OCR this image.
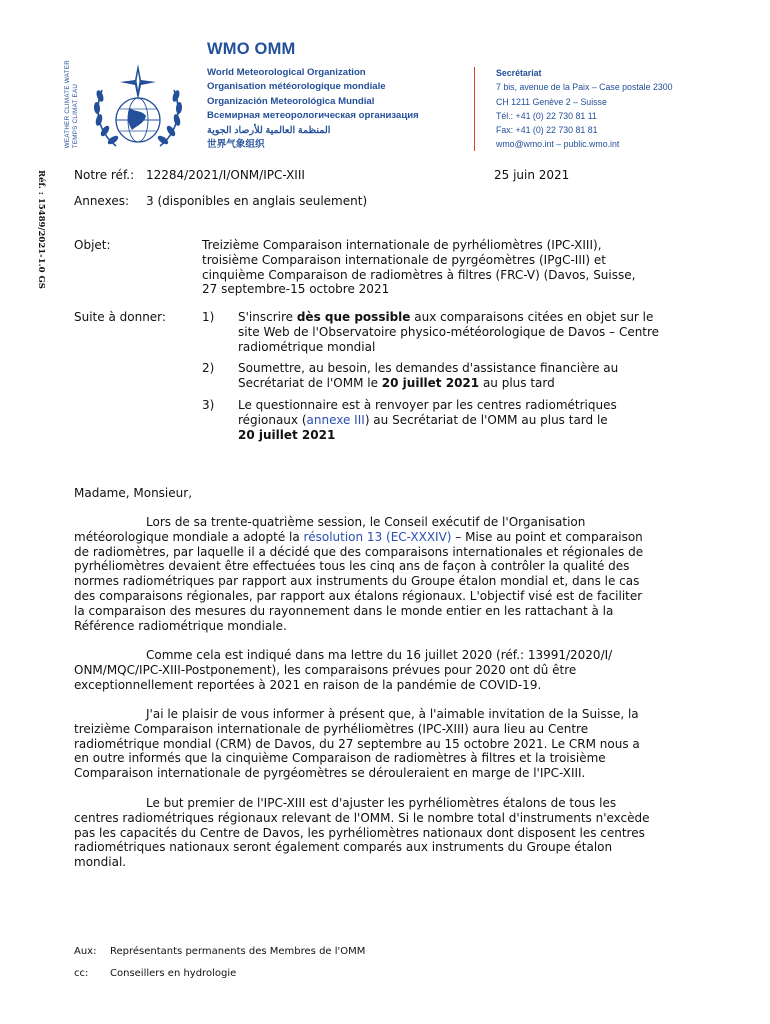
WEATHER CLIMATE WATER TEMPS CLIMAT EAU
WMO OMM
World Meteorological Organization
Organisation météorologique mondiale
Organización Meteorológica Mundial
Всемирная метеорологическая организация
المنظمة العالمية للأرصاد الجوية
世界气象组织
Secrétariat
7 bis, avenue de la Paix – Case postale 2300
CH 1211 Genève 2 – Suisse
Tél.: +41 (0) 22 730 81 11
Fax: +41 (0) 22 730 81 81
wmo@wmo.int – public.wmo.int
Réf. : 15489/2021-1.0 GS Notre réf.: 12284/2021/I/ONM/IPC-XIII	25 juin 2021
Annexes: 3 (disponibles en anglais seulement)
Objet:	Treizième Comparaison internationale de pyrhéliomètres (IPC-XIII),
troisième Comparaison internationale de pyrgéomètres (IPgC-III) et
cinquième Comparaison de radiomètres à filtres (FRC-V) (Davos, Suisse,
27 septembre-15 octobre 2021
Suite à donner:	1) S'inscrire dès que possible aux comparaisons citées en objet sur le
site Web de l'Observatoire physico-météorologique de Davos – Centre
radiométrique mondial
2) Soumettre, au besoin, les demandes d'assistance financière au
Secrétariat de l'OMM le 20 juillet 2021 au plus tard
3) Le questionnaire est à renvoyer par les centres radiométriques
régionaux (annexe III) au Secrétariat de l'OMM au plus tard le
20 juillet 2021
Madame, Monsieur,
Lors de sa trente-quatrième session, le Conseil exécutif de l'Organisation
météorologique mondiale a adopté la résolution 13 (EC-XXXIV) – Mise au point et comparaison
de radiomètres, par laquelle il a décidé que des comparaisons internationales et régionales de
pyrhéliomètres devaient être effectuées tous les cinq ans de façon à contrôler la qualité des
normes radiométriques par rapport aux instruments du Groupe étalon mondial et, dans le cas
des comparaisons régionales, par rapport aux étalons régionaux. L'objectif visé est de faciliter
la comparaison des mesures du rayonnement dans le monde entier en les rattachant à la
Référence radiométrique mondiale.
Comme cela est indiqué dans ma lettre du 16 juillet 2020 (réf.: 13991/2020/I/
ONM/MQC/IPC-XIII-Postponement), les comparaisons prévues pour 2020 ont dû être
exceptionnellement reportées à 2021 en raison de la pandémie de COVID-19.
J'ai le plaisir de vous informer à présent que, à l'aimable invitation de la Suisse, la
treizième Comparaison internationale de pyrhéliomètres (IPC-XIII) aura lieu au Centre
radiométrique mondial (CRM) de Davos, du 27 septembre au 15 octobre 2021. Le CRM nous a
en outre informés que la cinquième Comparaison de radiomètres à filtres et la troisième
Comparaison internationale de pyrgéomètres se dérouleraient en marge de l'IPC-XIII.
Le but premier de l'IPC-XIII est d'ajuster les pyrhéliomètres étalons de tous les
centres radiométriques régionaux relevant de l'OMM. Si le nombre total d'instruments n'excède
pas les capacités du Centre de Davos, les pyrhéliomètres nationaux dont disposent les centres
radiométriques nationaux seront également comparés aux instruments du Groupe étalon
mondial.
Aux: Représentants permanents des Membres de l'OMM
cc: Conseillers en hydrologie
